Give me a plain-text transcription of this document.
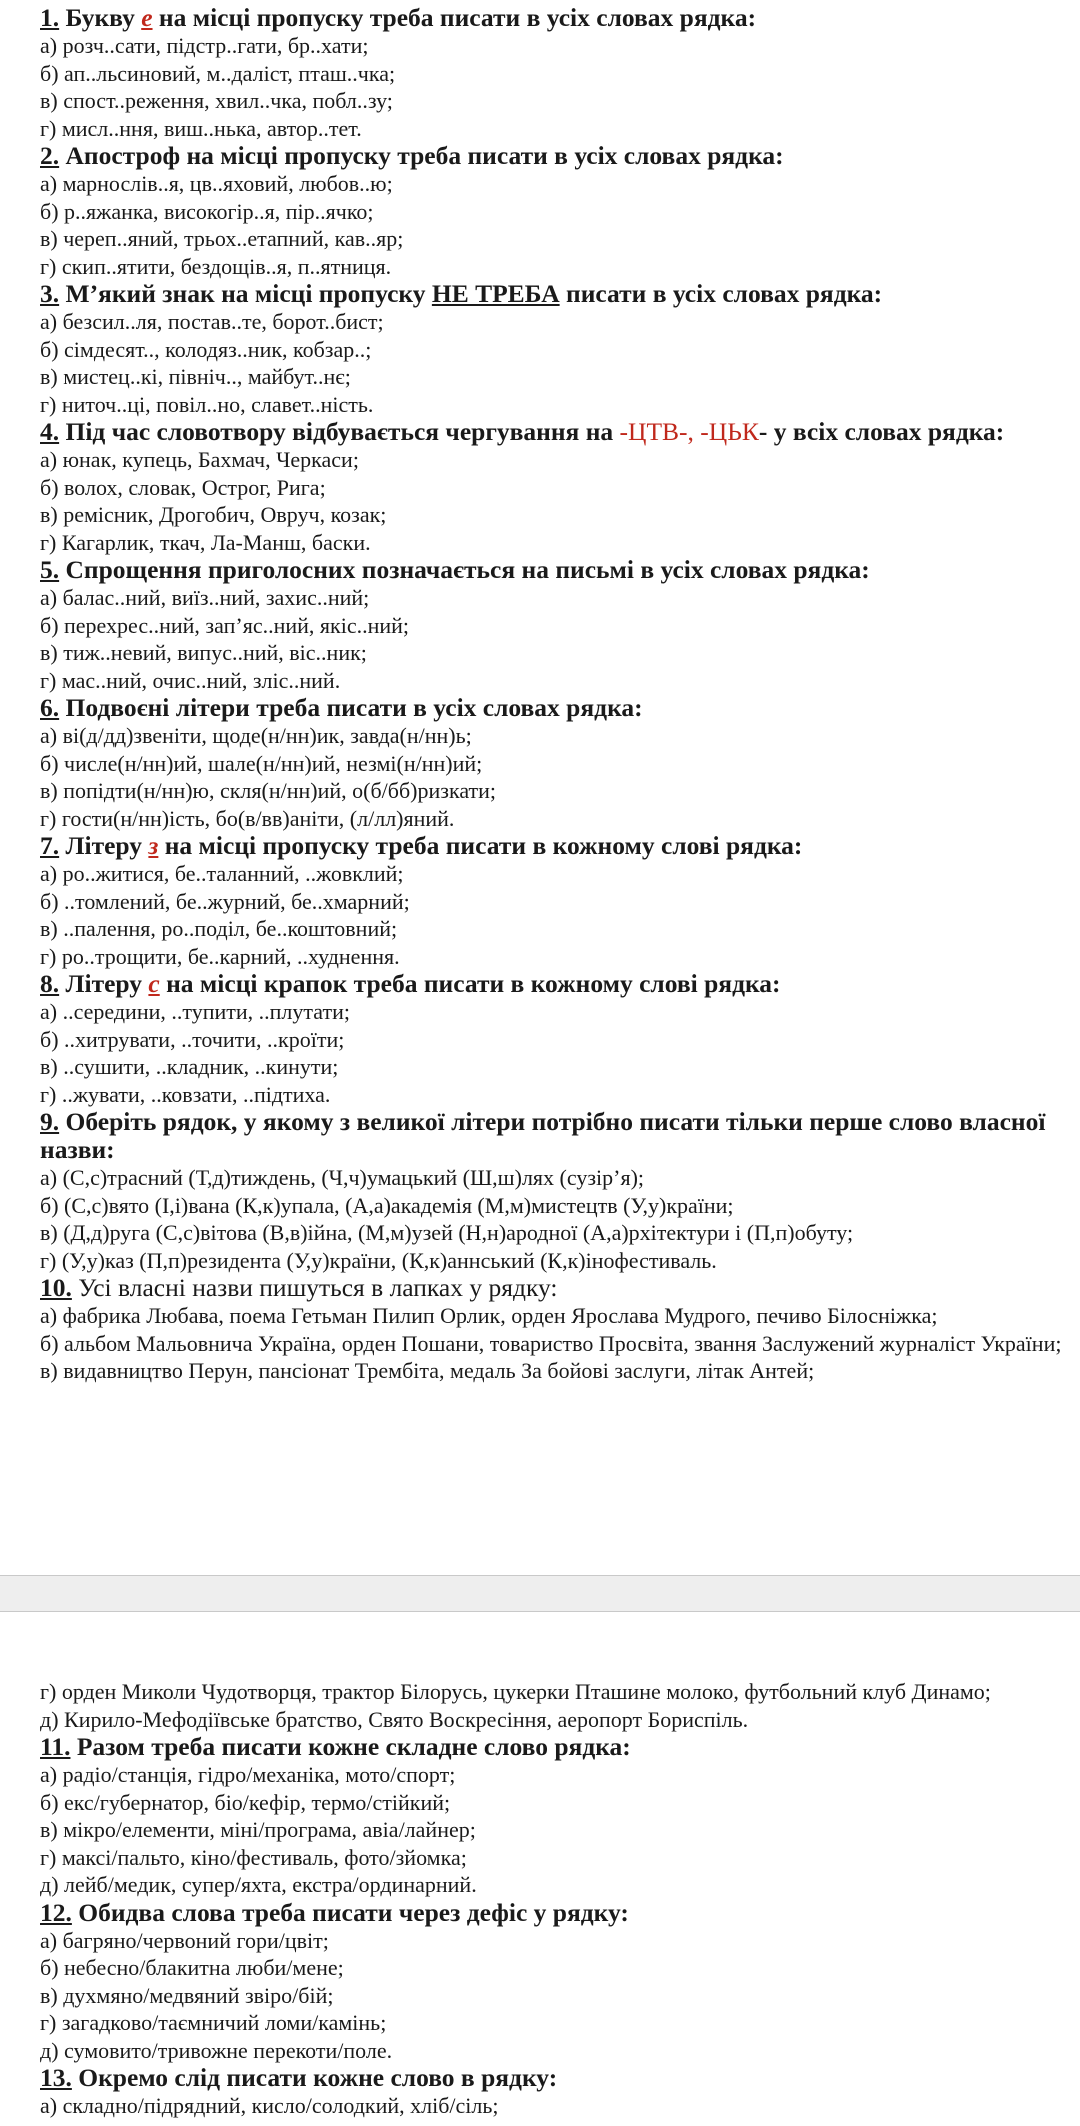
1. Букву е на місці пропуску треба писати в усіх словах рядка:

а) розч..сати, підстр..гати, бр..хати;

б) ап..льсиновий, м..даліст, пташ..чка;

в) спост..реження, хвил..чка, побл..зу;

г) мисл..ння, виш..нька, автор..тет.

2. Апостроф на місці пропуску треба писати в усіх словах рядка:

а) марнослів..я, цв..яховий, любов..ю;

б) р..яжанка, високогір..я, пір..ячко;

в) череп..яний, трьох..етапний, кав..яр;

г) скип..ятити, бездощів..я, п..ятниця.

3. М’який знак на місці пропуску НЕ ТРЕБА писати в усіх словах рядка:

а) безсил..ля, постав..те, борот..бист;

б) сімдесят.., колодяз..ник, кобзар..;

в) мистец..кі, північ.., майбут..нє;

г) ниточ..ці, повіл..но, славет..ність.

4. Під час словотвору відбувається чергування на -ЦТВ-, -ЦЬК- у всіх словах рядка:

а) юнак, купець, Бахмач, Черкаси;

б) волох, словак, Острог, Рига;

в) ремісник, Дрогобич, Овруч, козак;

г) Кагарлик, ткач, Ла-Манш, баски.

5. Спрощення приголосних позначається на письмі в усіх словах рядка:

а) балас..ний, виїз..ний, захис..ний;

б) перехрес..ний, зап’яс..ний, якіс..ний;

в) тиж..невий, випус..ний, віс..ник;

г) мас..ний, очис..ний, зліс..ний.

6. Подвоєні літери треба писати в усіх словах рядка:

а) ві(д/дд)звеніти, щоде(н/нн)ик, завда(н/нн)ь;

б) числе(н/нн)ий, шале(н/нн)ий, незмі(н/нн)ий;

в) попідти(н/нн)ю, скля(н/нн)ий, о(б/бб)ризкати;

г) гости(н/нн)ість, бо(в/вв)аніти, (л/лл)яний.

7. Літеру з на місці пропуску треба писати в кожному слові рядка:

а) ро..житися, бе..таланний, ..жовклий;

б) ..томлений, бе..журний, бе..хмарний;

в) ..палення, ро..поділ, бе..коштовний;

г) ро..трощити, бе..карний, ..худнення.

8. Літеру с на місці крапок треба писати в кожному слові рядка:

а) ..середини, ..тупити, ..плутати;

б) ..хитрувати, ..точити, ..кроїти;

в) ..сушити, ..кладник, ..кинути;

г) ..жувати, ..ковзати, ..підтиха.

9. Оберіть рядок, у якому з великої літери потрібно писати тільки перше слово власної назви:

а) (С,с)трасний (Т,д)тиждень, (Ч,ч)умацький (Ш,ш)лях (сузір’я);

б) (С,с)вято (І,і)вана (К,к)упала, (А,а)академія (М,м)мистецтв (У,у)країни;

в) (Д,д)руга (С,с)вітова (В,в)ійна, (М,м)узей (Н,н)ародної (А,а)рхітектури і (П,п)обуту;

г) (У,у)каз (П,п)резидента (У,у)країни, (К,к)аннський (К,к)інофестиваль.

10. Усі власні назви пишуться в лапках у рядку:

а) фабрика Любава, поема Гетьман Пилип Орлик, орден Ярослава Мудрого, печиво Білосніжка;

б) альбом Мальовнича Україна, орден Пошани, товариство Просвіта, звання Заслужений журналіст України;

в) видавництво Перун, пансіонат Трембіта, медаль За бойові заслуги, літак Антей;

г) орден Миколи Чудотворця, трактор Білорусь, цукерки Пташине молоко, футбольний клуб Динамо;

д) Кирило-Мефодіївське братство, Свято Воскресіння, аеропорт Бориспіль.

11. Разом треба писати кожне складне слово рядка:

а) радіо/станція, гідро/механіка, мото/спорт;

б) екс/губернатор, біо/кефір, термо/стійкий;

в) мікро/елементи, міні/програма, авіа/лайнер;

г) максі/пальто, кіно/фестиваль, фото/зйомка;

д) лейб/медик, супер/яхта, екстра/ординарний.

12. Обидва слова треба писати через дефіс у рядку:

а) багряно/червоний гори/цвіт;

б) небесно/блакитна люби/мене;

в) духмяно/медвяний звіро/бій;

г) загадково/таємничий ломи/камінь;

д) сумовито/тривожне перекоти/поле.

13. Окремо слід писати кожне слово в рядку:

а) складно/підрядний, кисло/солодкий, хліб/сіль;
